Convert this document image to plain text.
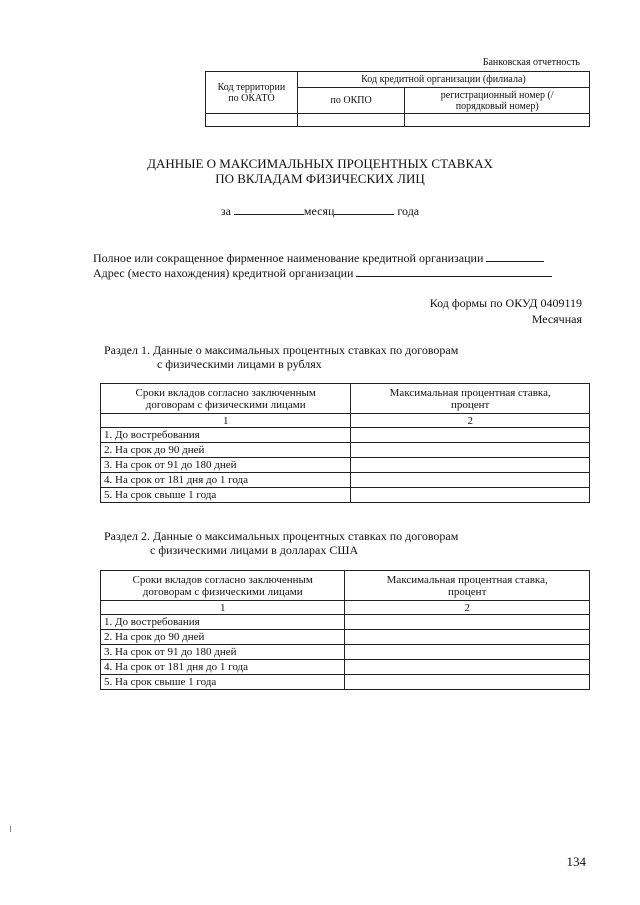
Банковская отчетность
Код территории по ОКАТО	Код кредитной организации (филиала)	
	по ОКПО	регистрационный номер (/порядковый номер)

ДАННЫЕ О МАКСИМАЛЬНЫХ ПРОЦЕНТНЫХ СТАВКАХ
ПО ВКЛАДАМ ФИЗИЧЕСКИХ ЛИЦ
за	месяц	года
Полное или сокращенное фирменное наименование кредитной организации
Адрес (место нахождения) кредитной организации
Код формы по ОКУД 0409119
Месячная
Раздел 1. Данные о максимальных процентных ставках по договорам
с физическими лицами в рублях
Сроки вкладов согласно заключенным договорам с физическими лицами	Максимальная процентная ставка, процент
1	2
1. До востребования	
2. На срок до 90 дней	
3. На срок от 91 до 180 дней	
4. На срок от 181 дня до 1 года	
5. На срок свыше 1 года	
Раздел 2. Данные о максимальных процентных ставках по договорам
с физическими лицами в долларах США
Сроки вкладов согласно заключенным договорам с физическими лицами	Максимальная процентная ставка, процент
1	2
1. До востребования	
2. На срок до 90 дней	
3. На срок от 91 до 180 дней	
4. На срок от 181 дня до 1 года	
5. На срок свыше 1 года	
134
